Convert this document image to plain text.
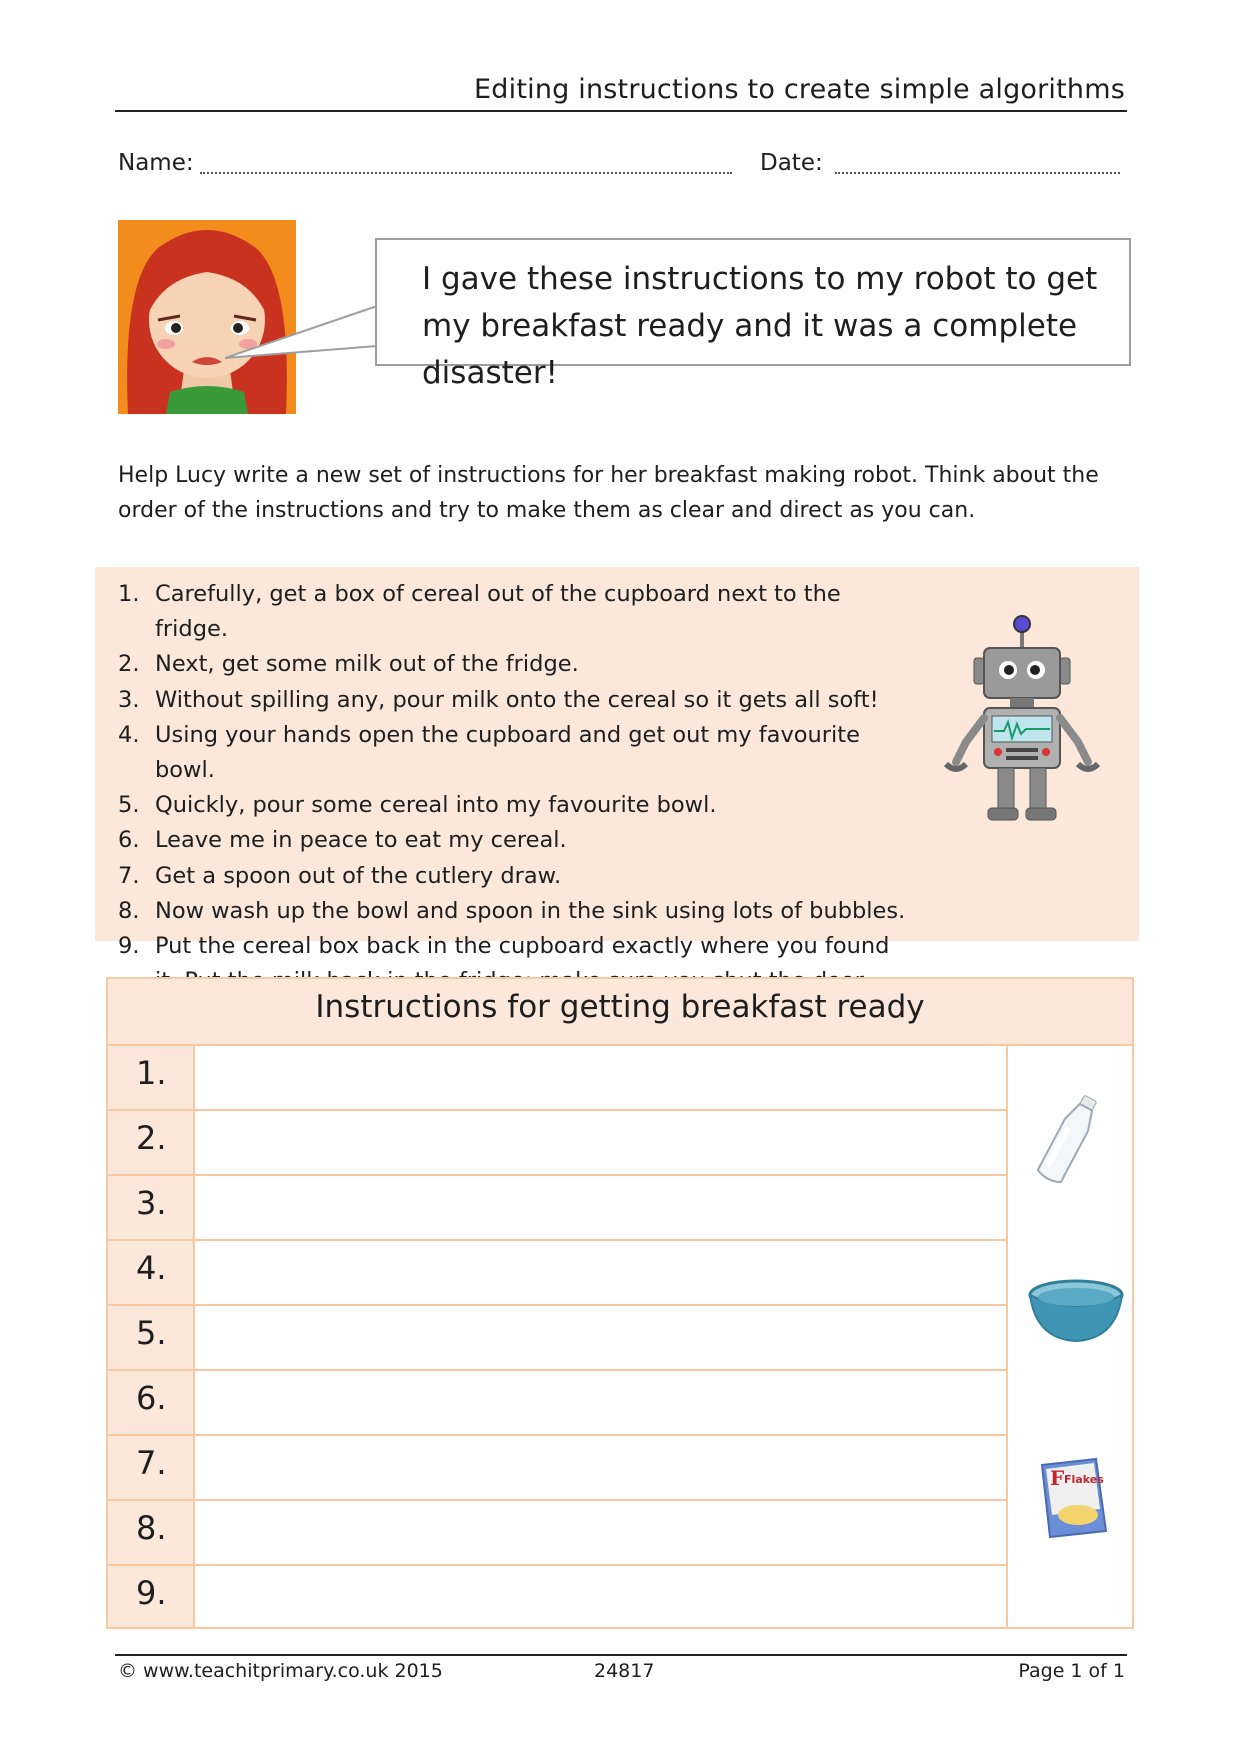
Editing instructions to create simple algorithms
Name:	Date:
I gave these instructions to my robot to get my breakfast ready and it was a complete disaster!
Help Lucy write a new set of instructions for her breakfast making robot. Think about the order of the instructions and try to make them as clear and direct as you can.
1. Carefully, get a box of cereal out of the cupboard next to the fridge.
2. Next, get some milk out of the fridge.
3. Without spilling any, pour milk onto the cereal so it gets all soft!
4. Using your hands open the cupboard and get out my favourite bowl.
5. Quickly, pour some cereal into my favourite bowl.
6. Leave me in peace to eat my cereal.
7. Get a spoon out of the cutlery draw.
8. Now wash up the bowl and spoon in the sink using lots of bubbles.
9. Put the cereal box back in the cupboard exactly where you found
Instructions for getting breakfast ready
1.
2.
3.
4.
5.
6.
7.
8.
9.
F Flakes
© www.teachitprimary.co.uk 2015	24817	Page 1 of 1
